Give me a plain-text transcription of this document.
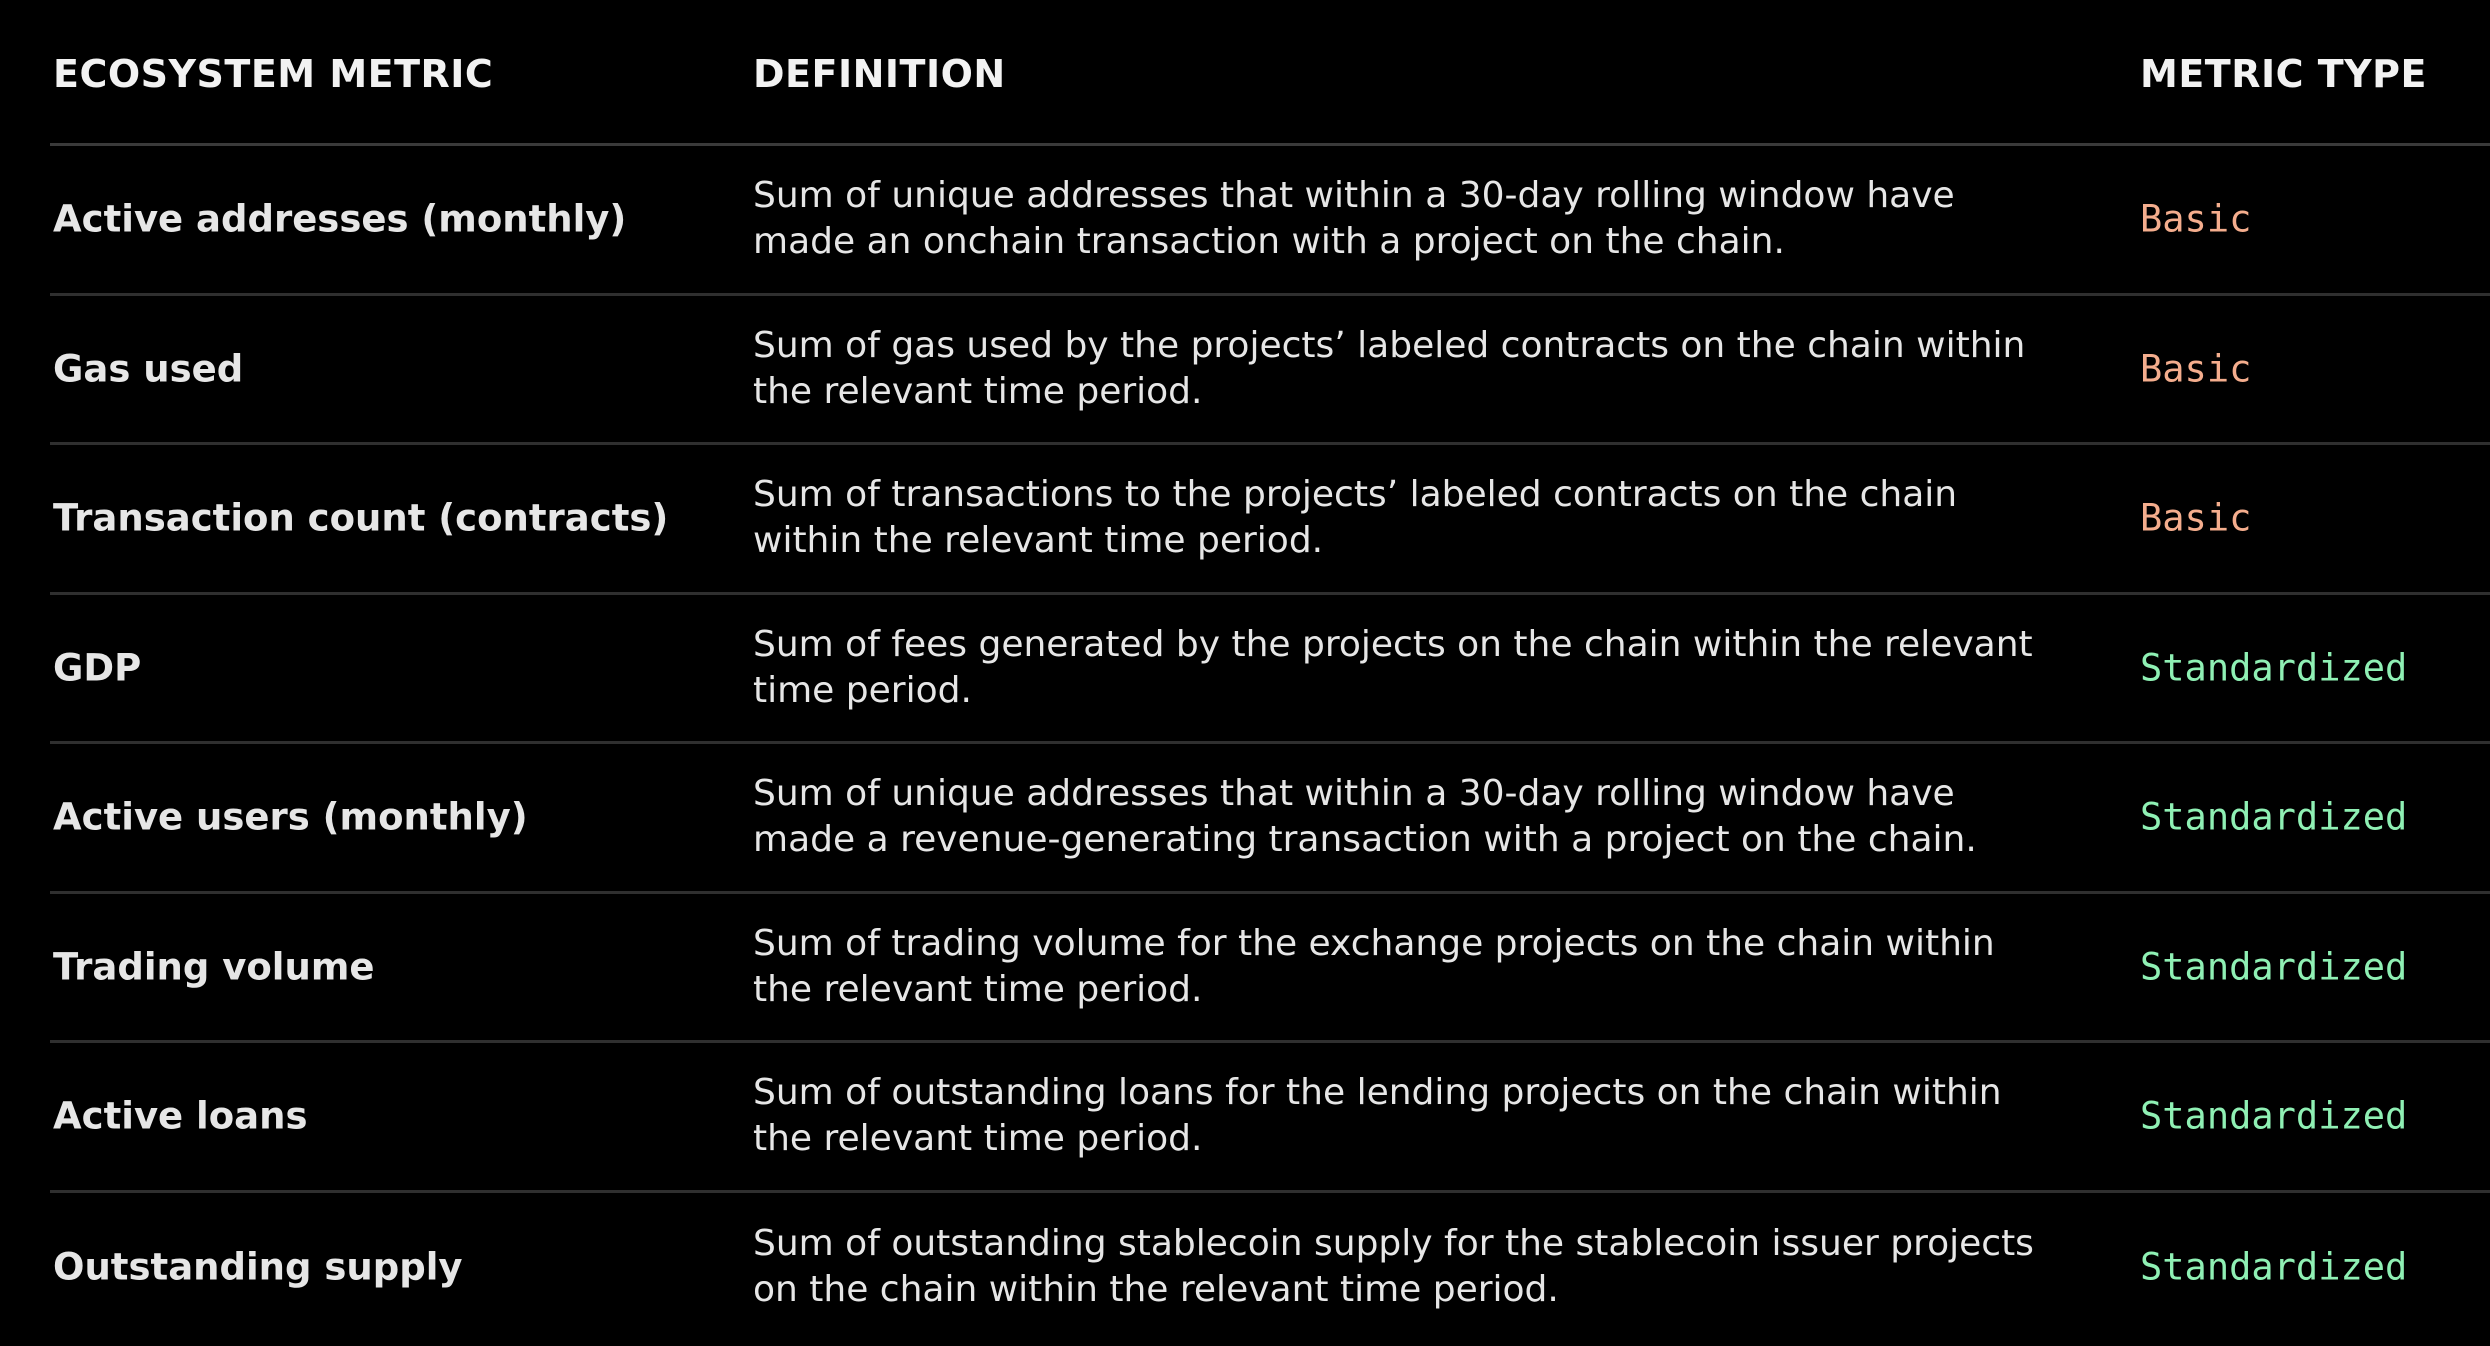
ECOSYSTEM METRIC	DEFINITION	METRIC TYPE
Active addresses (monthly)
Sum of unique addresses that within a 30-day rolling window have made an onchain transaction with a project on the chain.
Basic
Gas used
Sum of gas used by the projects’ labeled contracts on the chain within the relevant time period.
Basic
Transaction count (contracts)
Sum of transactions to the projects’ labeled contracts on the chain within the relevant time period.
Basic
GDP
Sum of fees generated by the projects on the chain within the relevant time period.
Standardized
Active users (monthly)
Sum of unique addresses that within a 30-day rolling window have made a revenue-generating transaction with a project on the chain.
Standardized
Trading volume
Sum of trading volume for the exchange projects on the chain within the relevant time period.
Standardized
Active loans
Sum of outstanding loans for the lending projects on the chain within the relevant time period.
Standardized
Outstanding supply
Sum of outstanding stablecoin supply for the stablecoin issuer projects on the chain within the relevant time period.
Standardized
